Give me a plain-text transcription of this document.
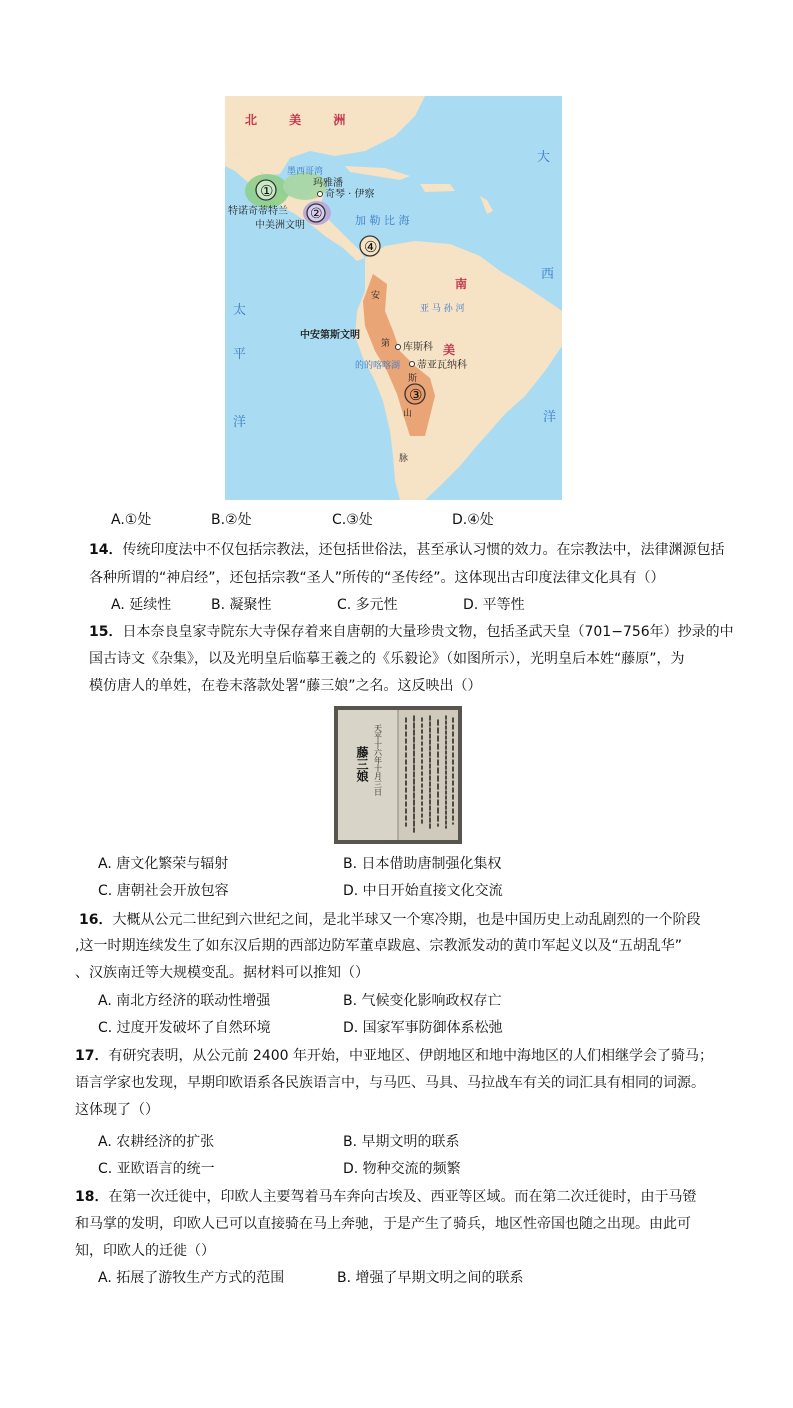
北 美 洲
墨西哥湾
玛雅潘
奇琴 · 伊察
特诺奇蒂特兰
中美洲文明	加 勒 比 海
大
西
洋
太
平
洋
南
美
亚 马 孙 河
中安第斯文明
库斯科
的的喀喀湖 蒂亚瓦纳科
安
第
斯
山
脉
①
②
③
④
A.①处	B.②处	C.③处	D.④处
14．传统印度法中不仅包括宗教法，还包括世俗法，甚至承认习惯的效力。在宗教法中，法律渊源包括
各种所谓的“神启经”，还包括宗教“圣人”所传的“圣传经”。这体现出古印度法律文化具有（）
A. 延续性	B. 凝聚性	C. 多元性	D. 平等性
15．日本奈良皇家寺院东大寺保存着来自唐朝的大量珍贵文物，包括圣武天皇（701−756年）抄录的中
国古诗文《杂集》，以及光明皇后临摹王羲之的《乐毅论》（如图所示），光明皇后本姓“藤原”，为
模仿唐人的单姓，在卷末落款处署“藤三娘”之名。这反映出（）
天平十六年十月三日
藤三娘
A. 唐文化繁荣与辐射	B. 日本借助唐制强化集权
C. 唐朝社会开放包容	D. 中日开始直接文化交流
16．大概从公元二世纪到六世纪之间，是北半球又一个寒冷期，也是中国历史上动乱剧烈的一个阶段
,这一时期连续发生了如东汉后期的西部边防军董卓跋扈、宗教派发动的黄巾军起义以及“五胡乱华”
、汉族南迁等大规模变乱。据材料可以推知（）
A. 南北方经济的联动性增强	B. 气候变化影响政权存亡
C. 过度开发破坏了自然环境	D. 国家军事防御体系松弛
17．有研究表明，从公元前 2400 年开始，中亚地区、伊朗地区和地中海地区的人们相继学会了骑马；
语言学家也发现，早期印欧语系各民族语言中，与马匹、马具、马拉战车有关的词汇具有相同的词源。
这体现了（）
A. 农耕经济的扩张	B. 早期文明的联系
C. 亚欧语言的统一	D. 物种交流的频繁
18．在第一次迁徙中，印欧人主要驾着马车奔向古埃及、西亚等区域。而在第二次迁徙时，由于马镫
和马掌的发明，印欧人已可以直接骑在马上奔驰，于是产生了骑兵，地区性帝国也随之出现。由此可
知，印欧人的迁徙（）
A. 拓展了游牧生产方式的范围	B. 增强了早期文明之间的联系
